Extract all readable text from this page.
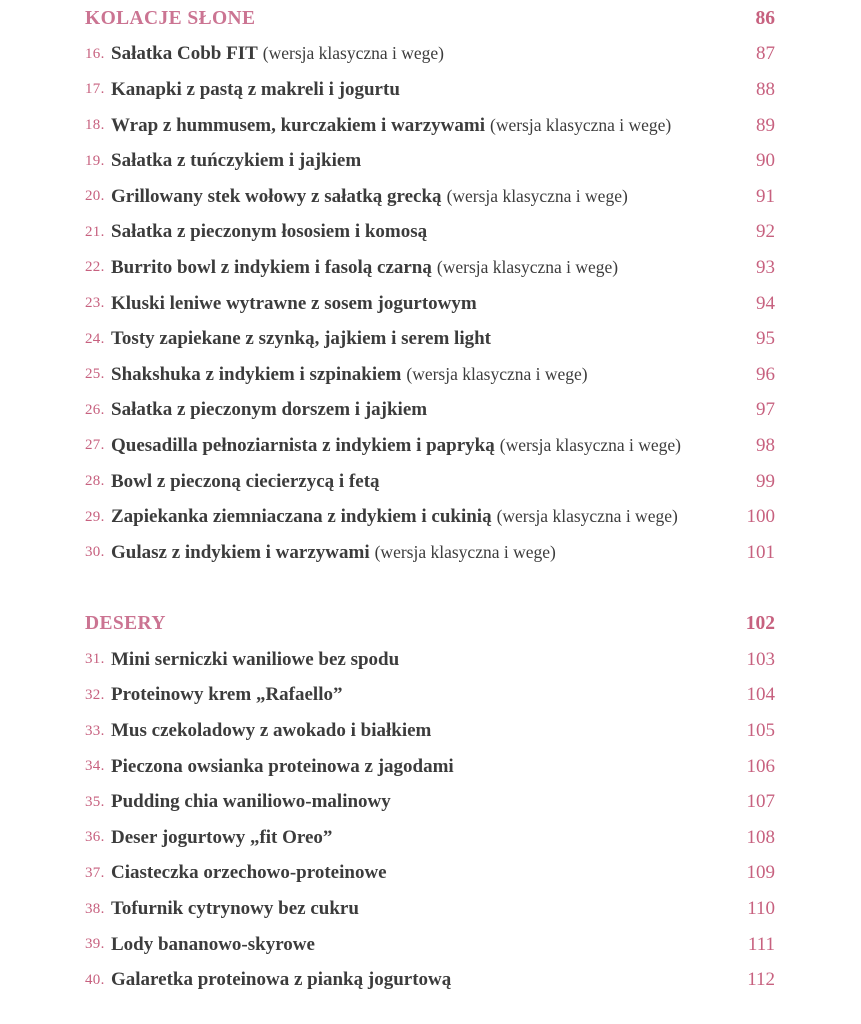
KOLACJE SŁONE	86
16. Sałatka Cobb FIT (wersja klasyczna i wege)	87
17. Kanapki z pastą z makreli i jogurtu	88
18. Wrap z hummusem, kurczakiem i warzywami (wersja klasyczna i wege)	89
19. Sałatka z tuńczykiem i jajkiem	90
20. Grillowany stek wołowy z sałatką grecką (wersja klasyczna i wege)	91
21. Sałatka z pieczonym łososiem i komosą	92
22. Burrito bowl z indykiem i fasolą czarną (wersja klasyczna i wege)	93
23. Kluski leniwe wytrawne z sosem jogurtowym	94
24. Tosty zapiekane z szynką, jajkiem i serem light	95
25. Shakshuka z indykiem i szpinakiem (wersja klasyczna i wege)	96
26. Sałatka z pieczonym dorszem i jajkiem	97
27. Quesadilla pełnoziarnista z indykiem i papryką (wersja klasyczna i wege)	98
28. Bowl z pieczoną ciecierzycą i fetą	99
29. Zapiekanka ziemniaczana z indykiem i cukinią (wersja klasyczna i wege)	100
30. Gulasz z indykiem i warzywami (wersja klasyczna i wege)	101
DESERY	102
31. Mini serniczki waniliowe bez spodu	103
32. Proteinowy krem „Rafaello”	104
33. Mus czekoladowy z awokado i białkiem	105
34. Pieczona owsianka proteinowa z jagodami	106
35. Pudding chia waniliowo-malinowy	107
36. Deser jogurtowy „fit Oreo”	108
37. Ciasteczka orzechowo-proteinowe	109
38. Tofurnik cytrynowy bez cukru	110
39. Lody bananowo-skyrowe	111
40. Galaretka proteinowa z pianką jogurtową	112
